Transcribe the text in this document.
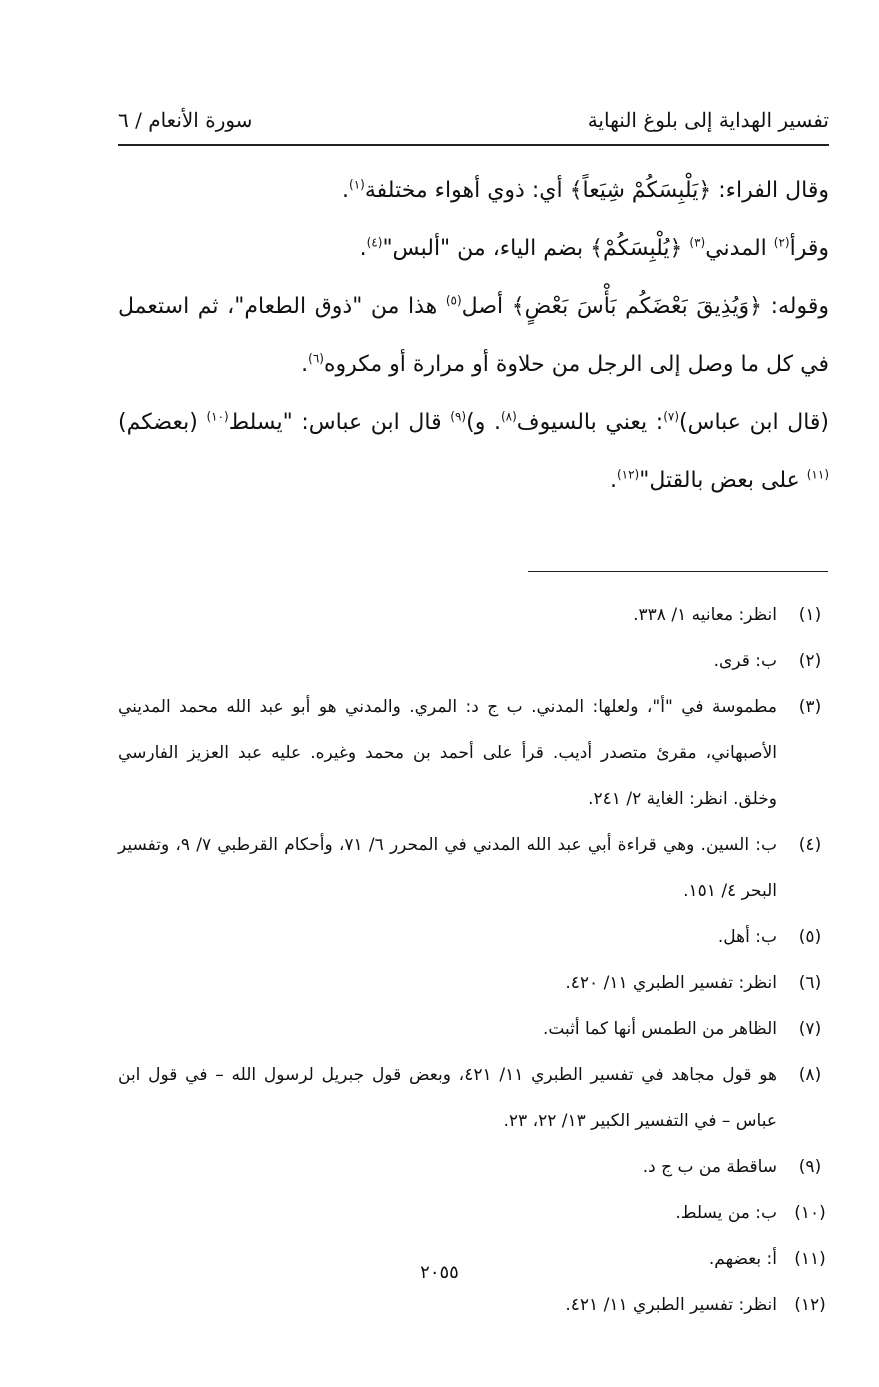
تفسير الهداية إلى بلوغ النهاية
سورة الأنعام / ٦

وقال الفراء: ﴿يَلْبِسَكُمْ شِيَعاً﴾ أي: ذوي أهواء مختلفة$^{(١)}$.

وقرأ$^{(٢)}$ المدني$^{(٣)}$ ﴿يُلْبِسَكُمْ﴾ بضم الياء، من "ألبس"$^{(٤)}$.

وقوله: ﴿وَيُذِيقَ بَعْضَكُم بَأْسَ بَعْضٍ﴾ أصل$^{(٥)}$ هذا من "ذوق الطعام"، ثم استعمل في كل ما وصل إلى الرجل من حلاوة أو مرارة أو مكروه$^{(٦)}$.

(قال ابن عباس)$^{(٧)}$: يعني بالسيوف$^{(٨)}$. و)$^{(٩)}$ قال ابن عباس: "يسلط$^{(١٠)}$ (بعضكم)$^{(١١)}$ على بعض بالقتل"$^{(١٢)}$.

(١)
انظر: معانيه ١/ ٣٣٨.
(٢)
ب: قرى.
(٣)
مطموسة في "أ"، ولعلها: المدني. ب ج د: المري. والمدني هو أبو عبد الله محمد المديني الأصبهاني، مقرئ متصدر أديب. قرأ على أحمد بن محمد وغيره. عليه عبد العزيز الفارسي وخلق. انظر: الغاية ٢/ ٢٤١.
(٤)
ب: السين. وهي قراءة أبي عبد الله المدني في المحرر ٦/ ٧١، وأحكام القرطبي ٧/ ٩، وتفسير البحر ٤/ ١٥١.
(٥)
ب: أهل.
(٦)
انظر: تفسير الطبري ١١/ ٤٢٠.
(٧)
الظاهر من الطمس أنها كما أثبت.
(٨)
هو قول مجاهد في تفسير الطبري ١١/ ٤٢١، وبعض قول جبريل لرسول الله – في قول ابن عباس – في التفسير الكبير ١٣/ ٢٢، ٢٣.
(٩)
ساقطة من ب ج د.
(١٠)
ب: من يسلط.
(١١)
أ: بعضهم.
(١٢)
انظر: تفسير الطبري ١١/ ٤٢١.
٢٠٥٥
